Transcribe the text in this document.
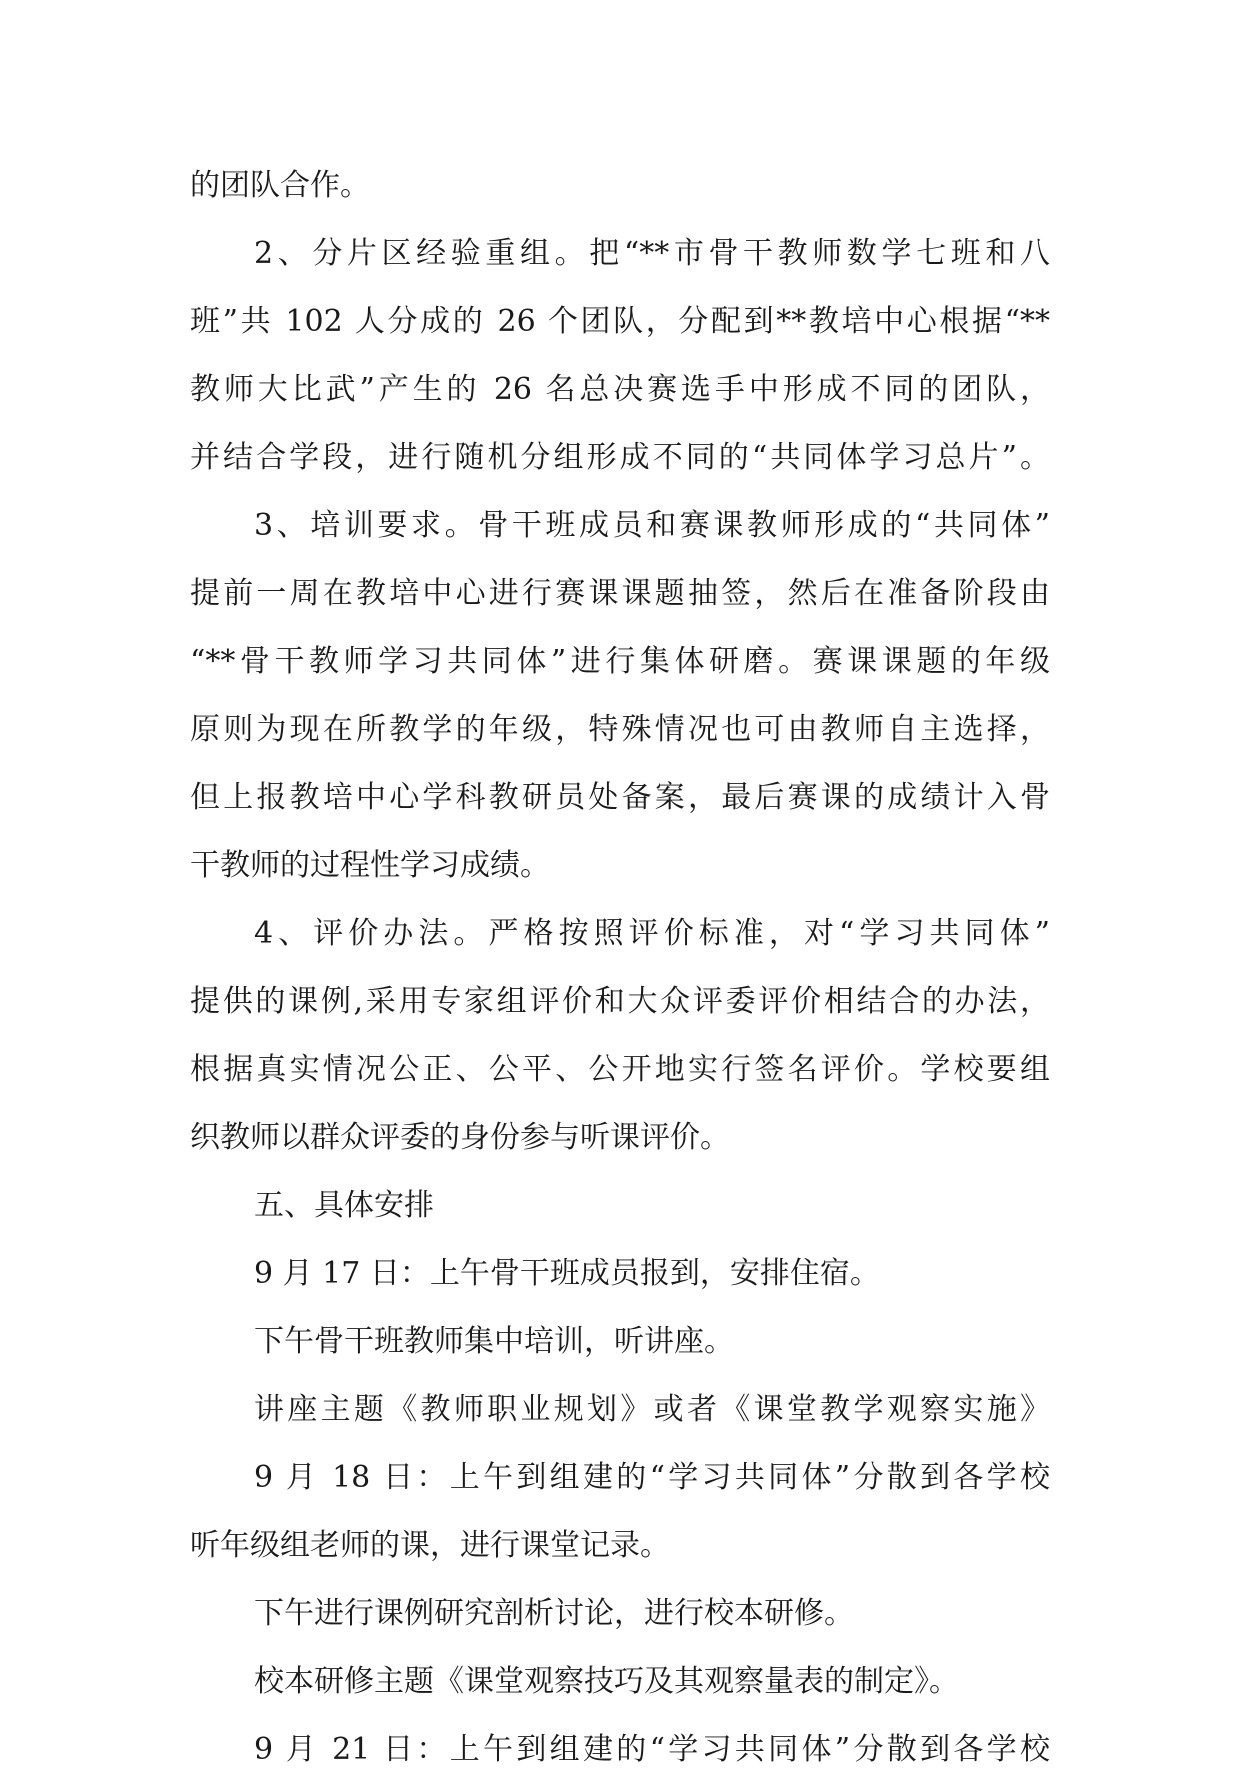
的团队合作。
2、分片区经验重组。把“**市骨干教师数学七班和八
班”共 102 人分成的 26 个团队，分配到**教培中心根据“**
教师大比武”产生的 26 名总决赛选手中形成不同的团队，
并结合学段，进行随机分组形成不同的“共同体学习总片”。
3、培训要求。骨干班成员和赛课教师形成的“共同体”
提前一周在教培中心进行赛课课题抽签，然后在准备阶段由
“**骨干教师学习共同体”进行集体研磨。赛课课题的年级
原则为现在所教学的年级，特殊情况也可由教师自主选择，
但上报教培中心学科教研员处备案，最后赛课的成绩计入骨
干教师的过程性学习成绩。
4、评价办法。严格按照评价标准，对“学习共同体”
提供的课例,采用专家组评价和大众评委评价相结合的办法，
根据真实情况公正、公平、公开地实行签名评价。学校要组
织教师以群众评委的身份参与听课评价。
五、具体安排
9 月 17 日：上午骨干班成员报到，安排住宿。
下午骨干班教师集中培训，听讲座。
讲座主题《教师职业规划》或者《课堂教学观察实施》
9 月 18 日：上午到组建的“学习共同体”分散到各学校
听年级组老师的课，进行课堂记录。
下午进行课例研究剖析讨论，进行校本研修。
校本研修主题《课堂观察技巧及其观察量表的制定》。
9 月 21 日：上午到组建的“学习共同体”分散到各学校
